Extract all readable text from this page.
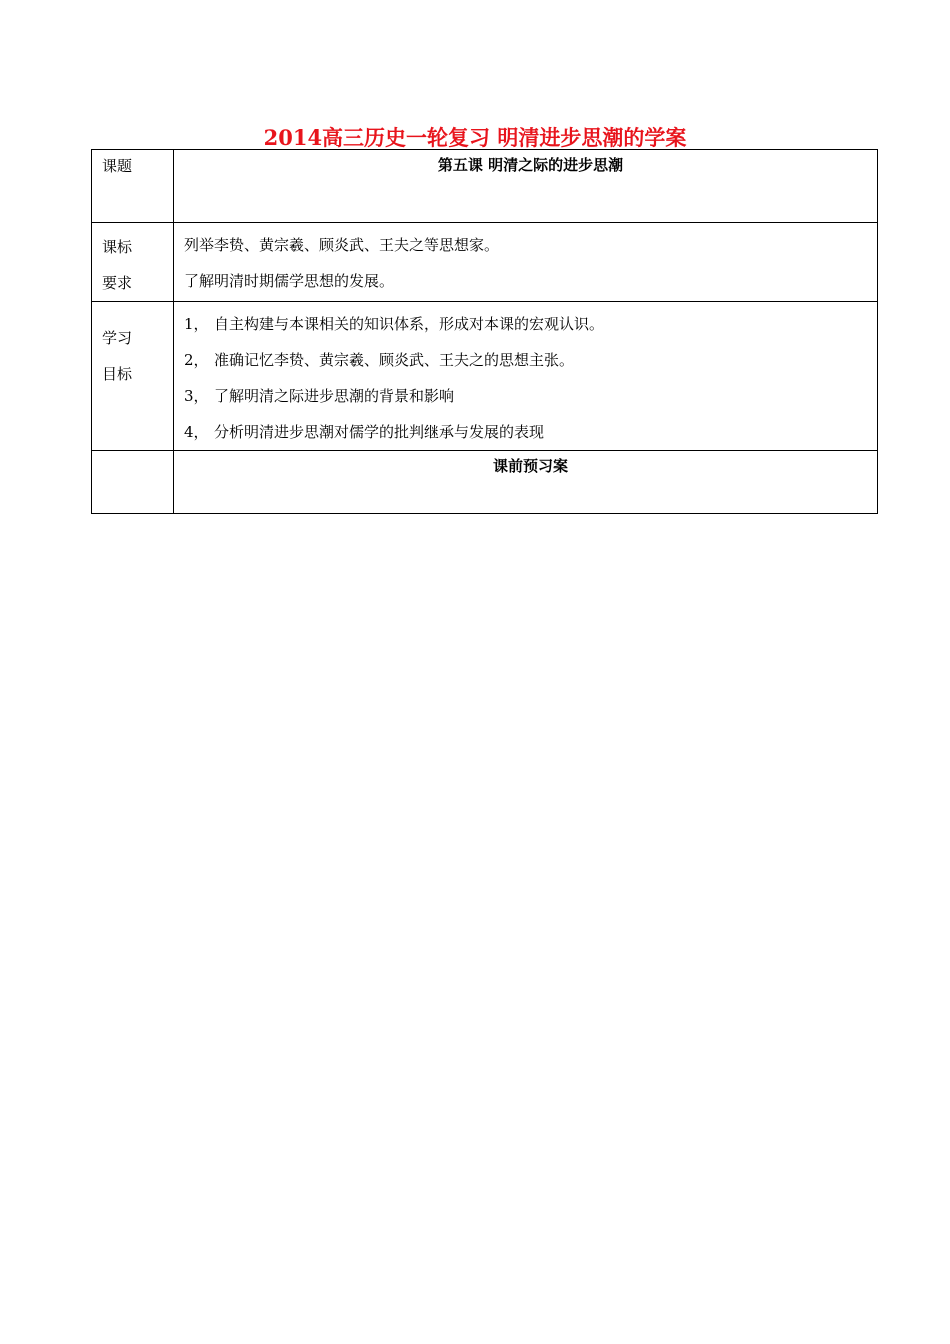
2014高三历史一轮复习 明清进步思潮的学案
课题	第五课 明清之际的进步思潮

课标
要求	列举李贽、黄宗羲、顾炎武、王夫之等思想家。
了解明清时期儒学思想的发展。

学习
目标	1， 自主构建与本课相关的知识体系，形成对本课的宏观认识。
2， 准确记忆李贽、黄宗羲、顾炎武、王夫之的思想主张。
3， 了解明清之际进步思潮的背景和影响
4， 分析明清进步思潮对儒学的批判继承与发展的表现

	课前预习案
